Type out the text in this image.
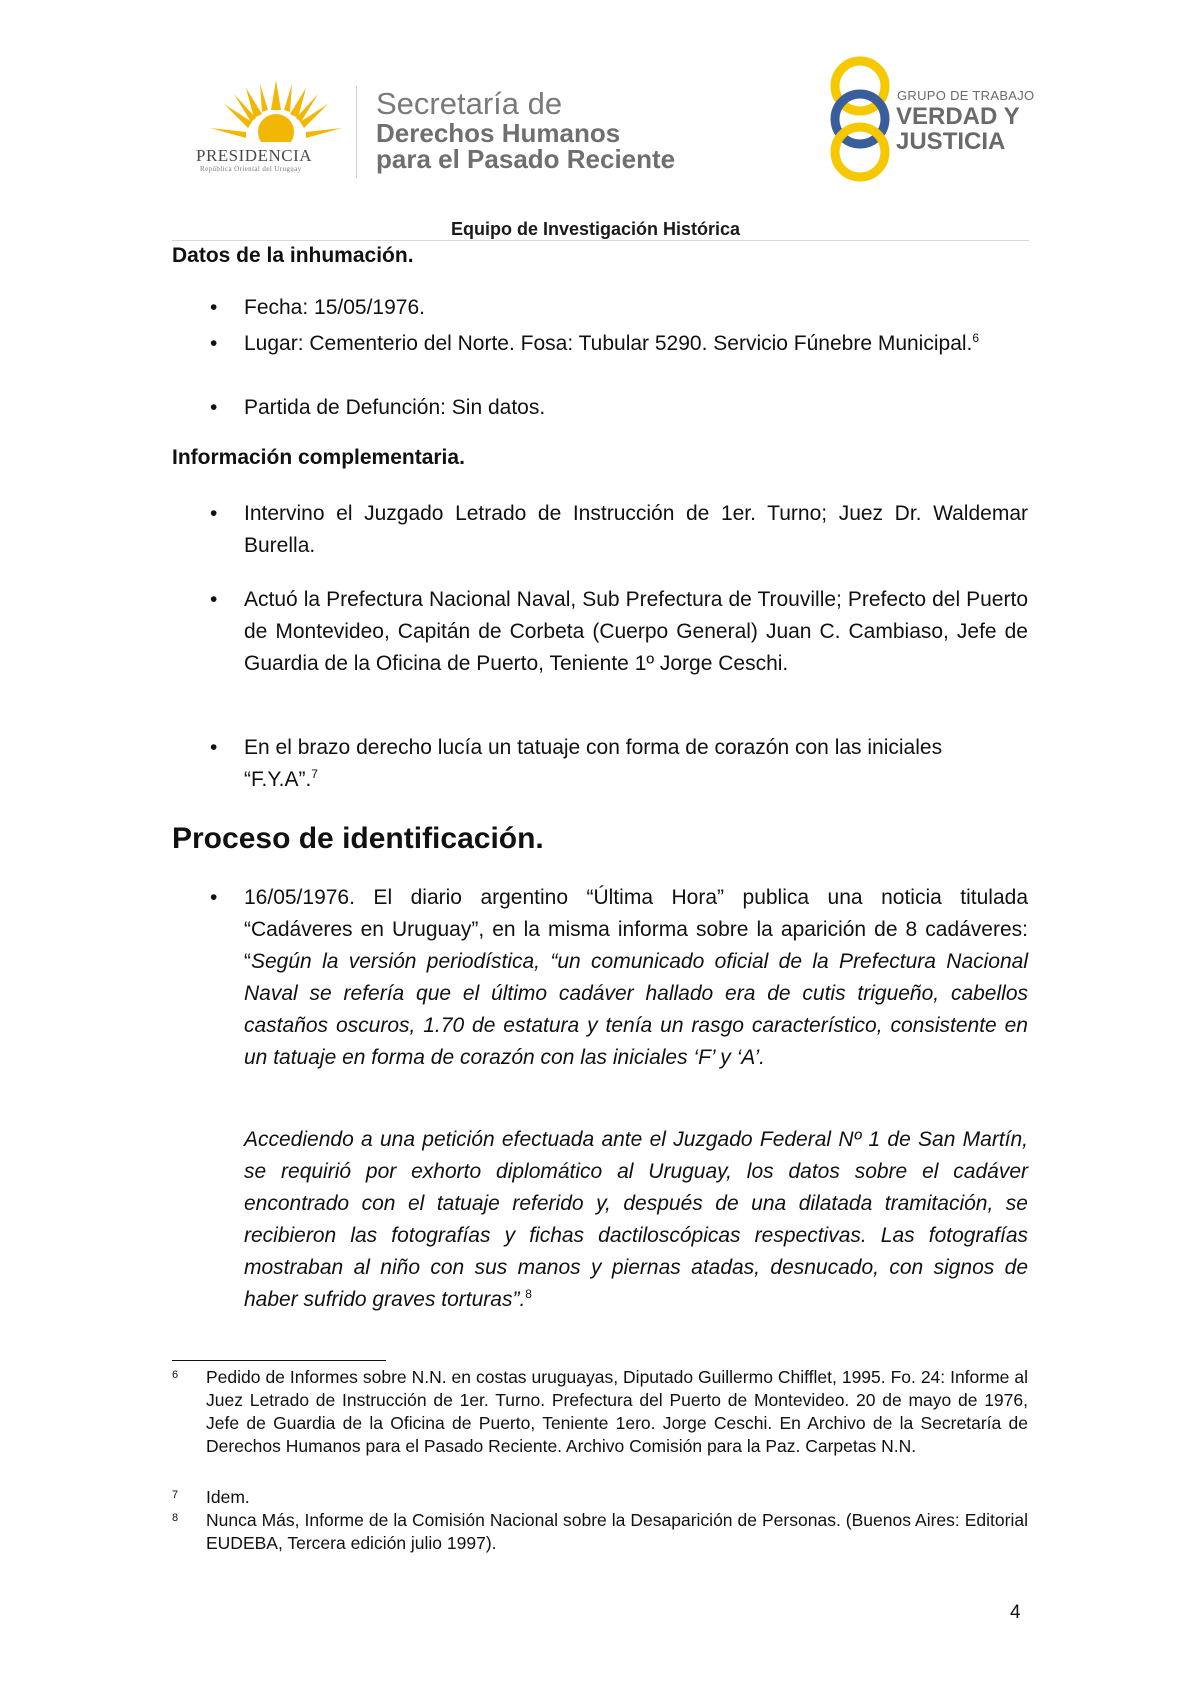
PRESIDENCIA
República Oriental del Uruguay
Secretaría de
Derechos Humanos
para el Pasado Reciente
GRUPO DE TRABAJO
VERDAD Y
JUSTICIA
Equipo de Investigación Histórica
Datos de la inhumación.
• Fecha: 15/05/1976.
• Lugar: Cementerio del Norte. Fosa: Tubular 5290. Servicio Fúnebre Municipal.$^6$
• Partida de Defunción: Sin datos.
Información complementaria.
• Intervino el Juzgado Letrado de Instrucción de 1er. Turno; Juez Dr. Waldemar Burella.
• Actuó la Prefectura Nacional Naval, Sub Prefectura de Trouville; Prefecto del Puerto de Montevideo, Capitán de Corbeta (Cuerpo General) Juan C. Cambiaso, Jefe de Guardia de la Oficina de Puerto, Teniente 1º Jorge Ceschi.
• En el brazo derecho lucía un tatuaje con forma de corazón con las iniciales “F.Y.A”.$^7$
Proceso de identificación.
• 16/05/1976. El diario argentino “Última Hora” publica una noticia titulada “Cadáveres en Uruguay”, en la misma informa sobre la aparición de 8 cadáveres: “Según la versión periodística, “un comunicado oficial de la Prefectura Nacional Naval se refería que el último cadáver hallado era de cutis trigueño, cabellos castaños oscuros, 1.70 de estatura y tenía un rasgo característico, consistente en un tatuaje en forma de corazón con las iniciales ‘F’ y ‘A’.
Accediendo a una petición efectuada ante el Juzgado Federal Nº 1 de San Martín, se requirió por exhorto diplomático al Uruguay, los datos sobre el cadáver encontrado con el tatuaje referido y, después de una dilatada tramitación, se recibieron las fotografías y fichas dactiloscópicas respectivas. Las fotografías mostraban al niño con sus manos y piernas atadas, desnucado, con signos de haber sufrido graves torturas”.$^8$
6 Pedido de Informes sobre N.N. en costas uruguayas, Diputado Guillermo Chifflet, 1995. Fo. 24: Informe al Juez Letrado de Instrucción de 1er. Turno. Prefectura del Puerto de Montevideo. 20 de mayo de 1976, Jefe de Guardia de la Oficina de Puerto, Teniente 1ero. Jorge Ceschi. En Archivo de la Secretaría de Derechos Humanos para el Pasado Reciente. Archivo Comisión para la Paz. Carpetas N.N.
7 Idem.
8 Nunca Más, Informe de la Comisión Nacional sobre la Desaparición de Personas. (Buenos Aires: Editorial EUDEBA, Tercera edición julio 1997).
4
